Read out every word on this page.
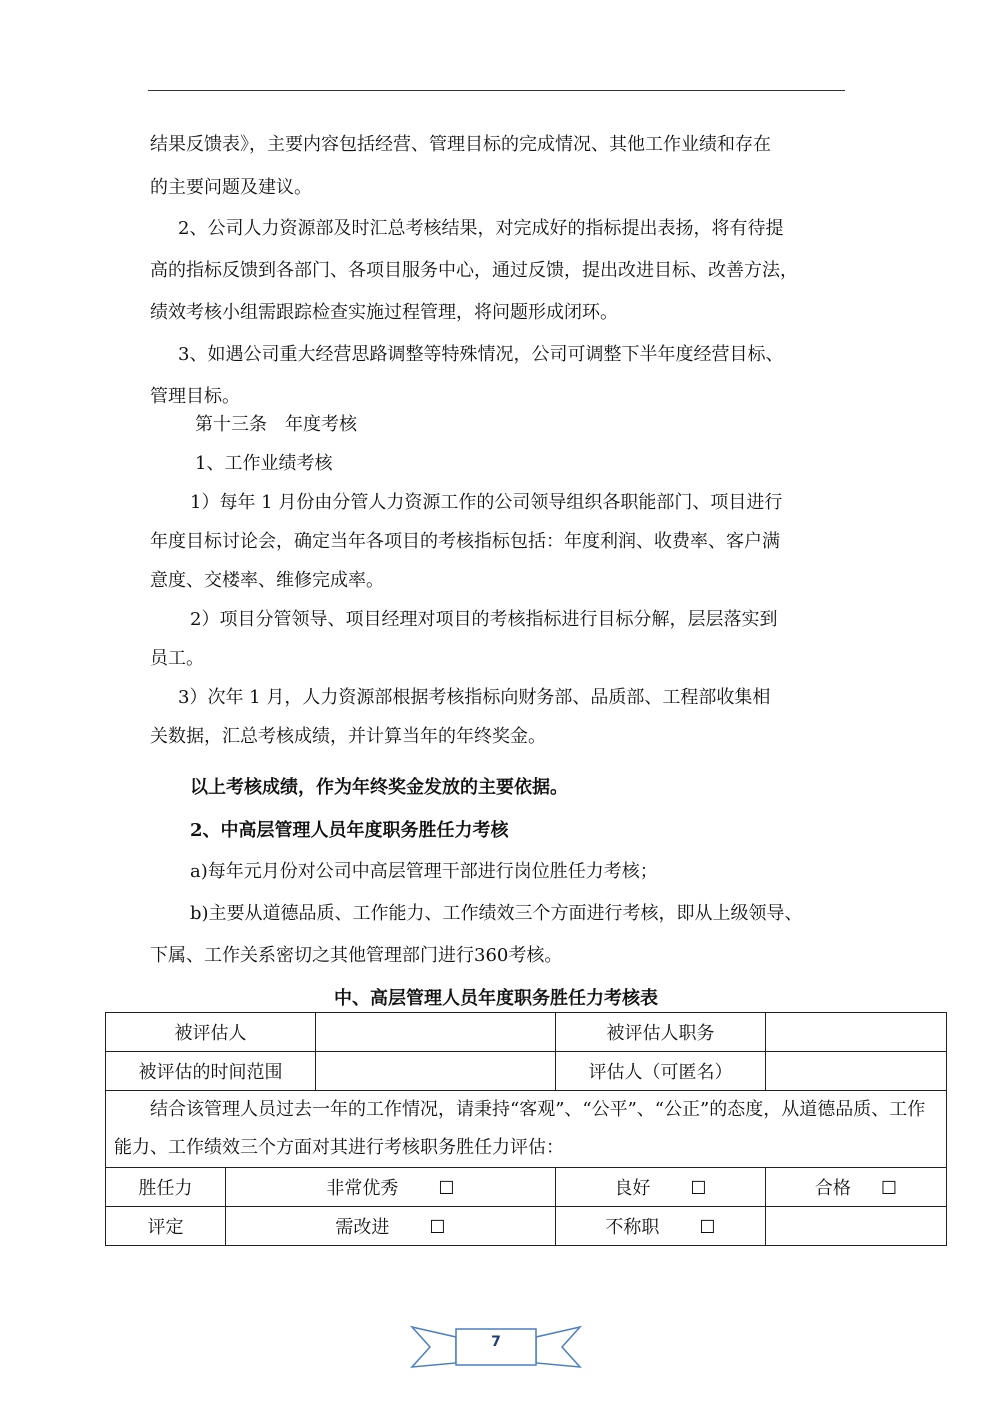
结果反馈表》，主要内容包括经营、管理目标的完成情况、其他工作业绩和存在
的主要问题及建议。
2、公司人力资源部及时汇总考核结果，对完成好的指标提出表扬，将有待提
高的指标反馈到各部门、各项目服务中心，通过反馈，提出改进目标、改善方法，
绩效考核小组需跟踪检查实施过程管理，将问题形成闭环。
3、如遇公司重大经营思路调整等特殊情况，公司可调整下半年度经营目标、
管理目标。
第十三条　年度考核
1、工作业绩考核
1）每年 1 月份由分管人力资源工作的公司领导组织各职能部门、项目进行
年度目标讨论会，确定当年各项目的考核指标包括：年度利润、收费率、客户满
意度、交楼率、维修完成率。
2）项目分管领导、项目经理对项目的考核指标进行目标分解，层层落实到
员工。
3）次年 1 月，人力资源部根据考核指标向财务部、品质部、工程部收集相
关数据，汇总考核成绩，并计算当年的年终奖金。
以上考核成绩，作为年终奖金发放的主要依据。
2、中高层管理人员年度职务胜任力考核
a)每年元月份对公司中高层管理干部进行岗位胜任力考核；
b)主要从道德品质、工作能力、工作绩效三个方面进行考核，即从上级领导、
下属、工作关系密切之其他管理部门进行360考核。
中、高层管理人员年度职务胜任力考核表
被评估人			被评估人职务	
被评估的时间范围			评估人（可匿名）	
结合该管理人员过去一年的工作情况，请秉持“客观”、“公平”、“公正”的态度，从道德品质、工作能力、工作绩效三个方面对其进行考核职务胜任力评估：				
胜任力	非常优秀 ☐		良好 ☐	合格 ☐
评定	需改进 ☐		不称职 ☐	
7
